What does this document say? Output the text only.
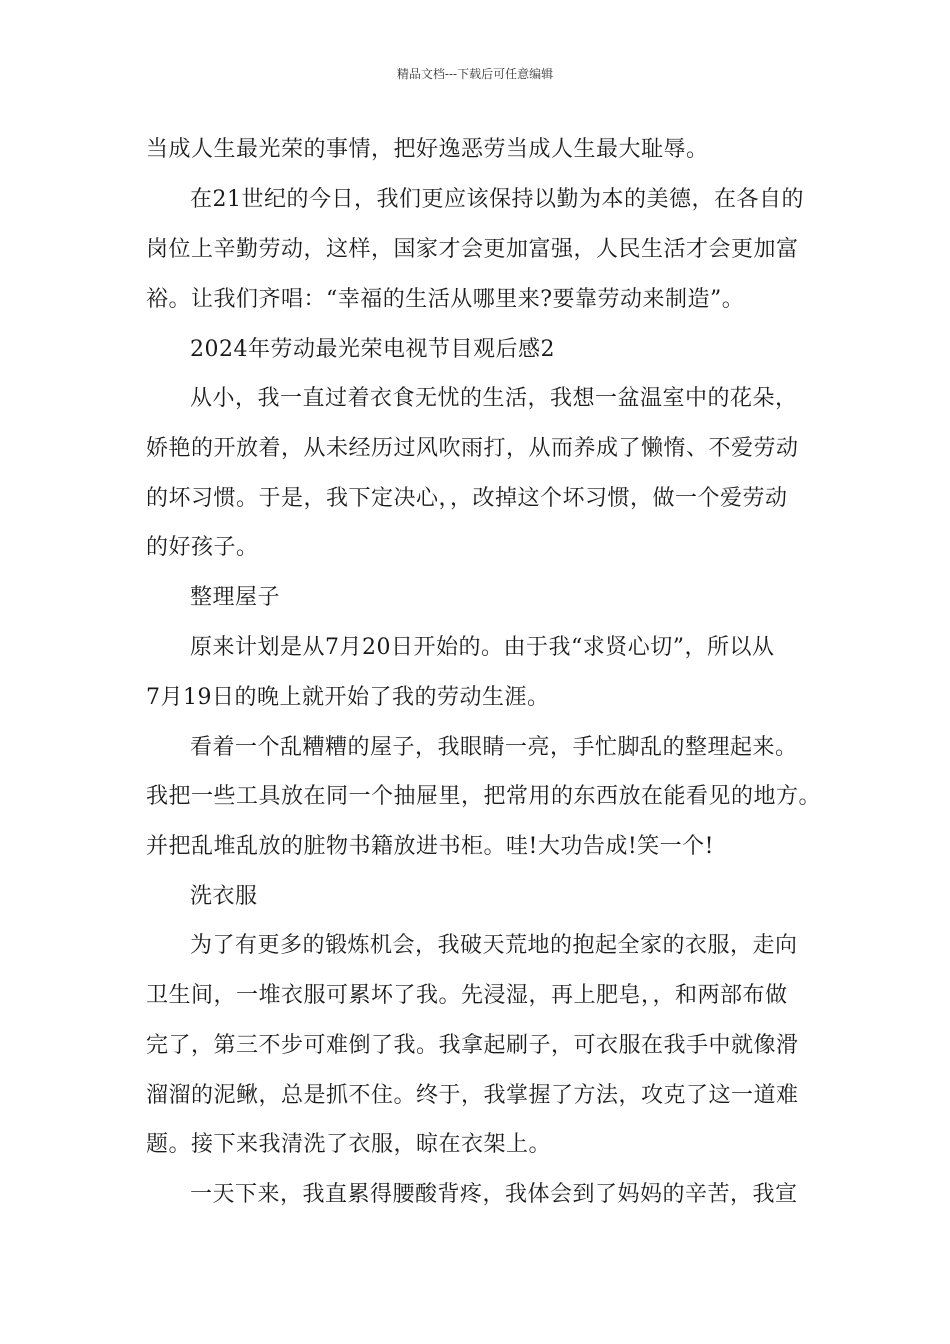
精品文档---下载后可任意编辑
当成人生最光荣的事情，把好逸恶劳当成人生最大耻辱。
在21世纪的今日，我们更应该保持以勤为本的美德，在各自的
岗位上辛勤劳动，这样，国家才会更加富强，人民生活才会更加富
裕。让我们齐唱：“幸福的生活从哪里来?要靠劳动来制造”。
2024年劳动最光荣电视节目观后感2
从小，我一直过着衣食无忧的生活，我想一盆温室中的花朵，
娇艳的开放着，从未经历过风吹雨打，从而养成了懒惰、不爱劳动
的坏习惯。于是，我下定决心，，改掉这个坏习惯，做一个爱劳动
的好孩子。
整理屋子
原来计划是从7月20日开始的。由于我“求贤心切”，所以从
7月19日的晚上就开始了我的劳动生涯。
看着一个乱糟糟的屋子，我眼睛一亮，手忙脚乱的整理起来。
我把一些工具放在同一个抽屉里，把常用的东西放在能看见的地方。
并把乱堆乱放的脏物书籍放进书柜。哇!大功告成!笑一个!
洗衣服
为了有更多的锻炼机会，我破天荒地的抱起全家的衣服，走向
卫生间，一堆衣服可累坏了我。先浸湿，再上肥皂，，和两部布做
完了，第三不步可难倒了我。我拿起刷子，可衣服在我手中就像滑
溜溜的泥鳅，总是抓不住。终于，我掌握了方法，攻克了这一道难
题。接下来我清洗了衣服，晾在衣架上。
一天下来，我直累得腰酸背疼，我体会到了妈妈的辛苦，我宣
